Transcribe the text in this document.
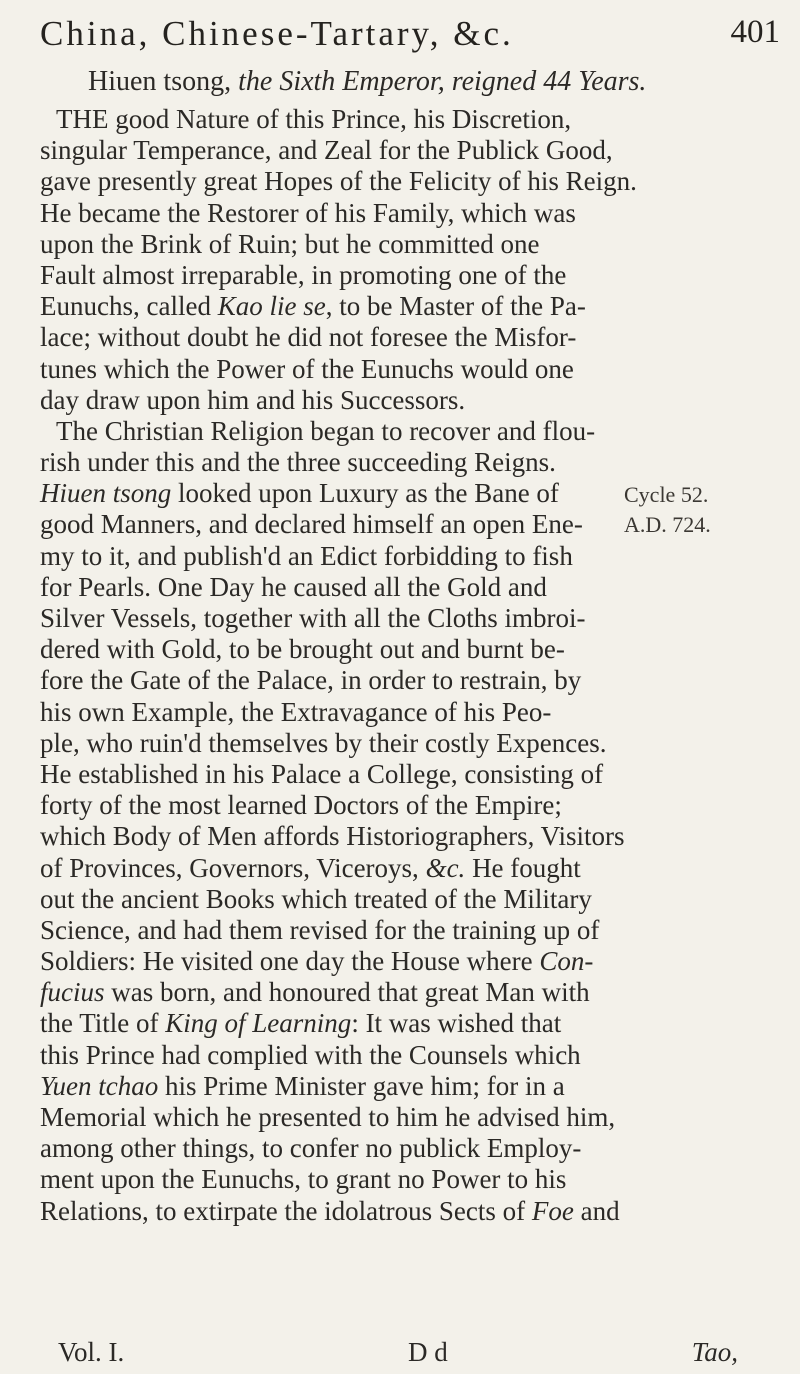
China, Chinese-Tartary, &c.	401
Hiuen tsong, the Sixth Emperor, reigned 44 Years.
THE good Nature of this Prince, his Discretion,
singular Temperance, and Zeal for the Publick Good,
gave presently great Hopes of the Felicity of his Reign.
He became the Restorer of his Family, which was
upon the Brink of Ruin; but he committed one
Fault almost irreparable, in promoting one of the
Eunuchs, called Kao lie se, to be Master of the Pa-
lace; without doubt he did not foresee the Misfor-
tunes which the Power of the Eunuchs would one
day draw upon him and his Successors.
The Christian Religion began to recover and flou-
rish under this and the three succeeding Reigns.
Hiuen tsong looked upon Luxury as the Bane of
good Manners, and declared himself an open Ene-
my to it, and publish'd an Edict forbidding to fish
for Pearls. One Day he caused all the Gold and
Silver Vessels, together with all the Cloths imbroi-
dered with Gold, to be brought out and burnt be-
fore the Gate of the Palace, in order to restrain, by
his own Example, the Extravagance of his Peo-
ple, who ruin'd themselves by their costly Expences.
He established in his Palace a College, consisting of
forty of the most learned Doctors of the Empire;
which Body of Men affords Historiographers, Visitors
of Provinces, Governors, Viceroys, &c. He fought
out the ancient Books which treated of the Military
Science, and had them revised for the training up of
Soldiers: He visited one day the House where Con-
fucius was born, and honoured that great Man with
the Title of King of Learning: It was wished that
this Prince had complied with the Counsels which
Yuen tchao his Prime Minister gave him; for in a
Memorial which he presented to him he advised him,
among other things, to confer no publick Employ-
ment upon the Eunuchs, to grant no Power to his
Relations, to extirpate the idolatrous Sects of Foe and
Cycle 52.
A.D. 724.
Vol. I.	D d	Tao,
